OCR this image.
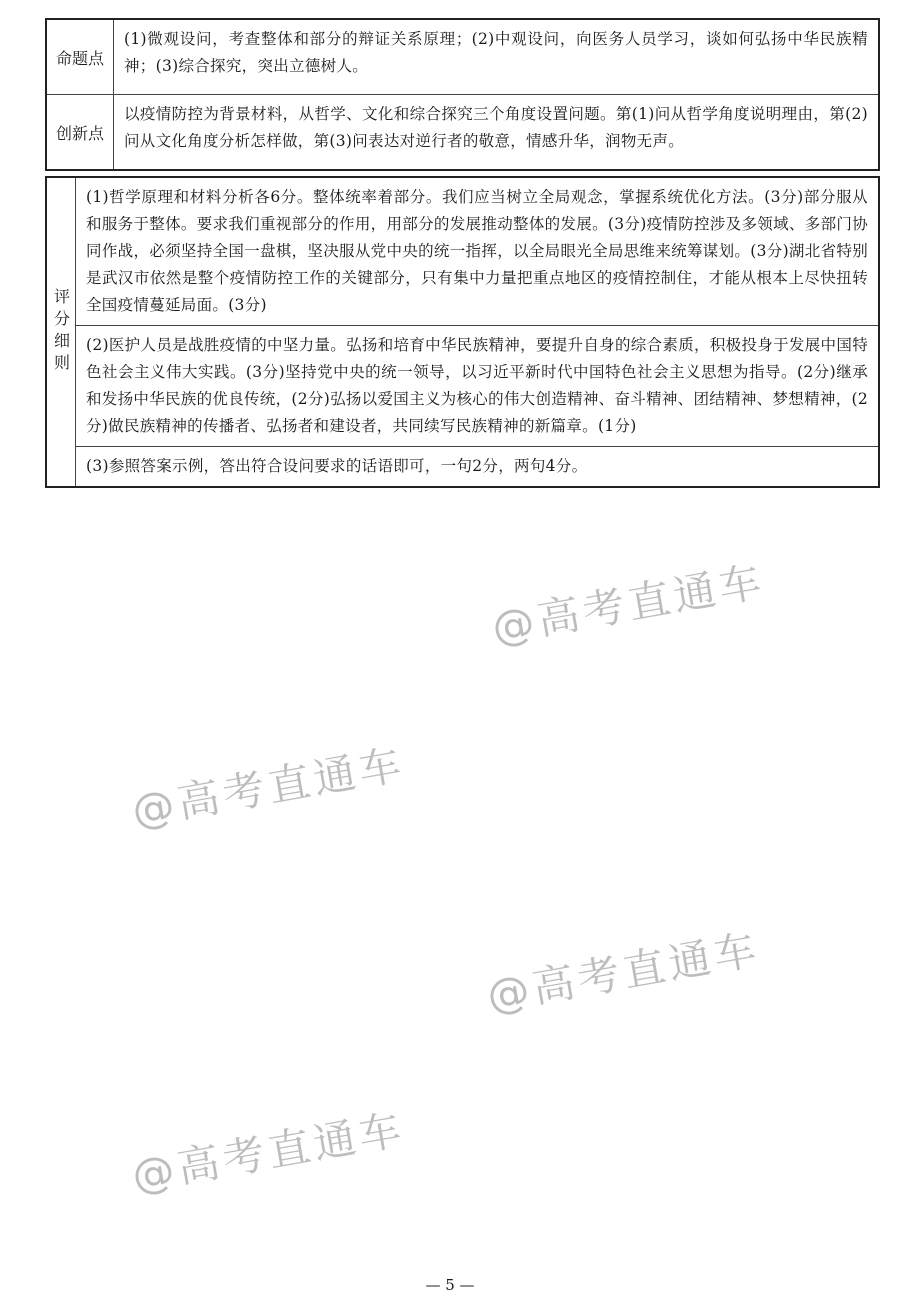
命题点
(1)微观设问，考查整体和部分的辩证关系原理；(2)中观设问，向医务人员学习，谈如何弘扬中华民族精神；(3)综合探究，突出立德树人。
创新点
以疫情防控为背景材料，从哲学、文化和综合探究三个角度设置问题。第(1)问从哲学角度说明理由，第(2)问从文化角度分析怎样做，第(3)问表达对逆行者的敬意，情感升华，润物无声。
评分细则
(1)哲学原理和材料分析各6分。整体统率着部分。我们应当树立全局观念，掌握系统优化方法。(3分)部分服从和服务于整体。要求我们重视部分的作用，用部分的发展推动整体的发展。(3分)疫情防控涉及多领域、多部门协同作战，必须坚持全国一盘棋，坚决服从党中央的统一指挥，以全局眼光全局思维来统筹谋划。(3分)湖北省特别是武汉市依然是整个疫情防控工作的关键部分，只有集中力量把重点地区的疫情控制住，才能从根本上尽快扭转全国疫情蔓延局面。(3分)
(2)医护人员是战胜疫情的中坚力量。弘扬和培育中华民族精神，要提升自身的综合素质，积极投身于发展中国特色社会主义伟大实践。(3分)坚持党中央的统一领导，以习近平新时代中国特色社会主义思想为指导。(2分)继承和发扬中华民族的优良传统，(2分)弘扬以爱国主义为核心的伟大创造精神、奋斗精神、团结精神、梦想精神，(2分)做民族精神的传播者、弘扬者和建设者，共同续写民族精神的新篇章。(1分)
(3)参照答案示例，答出符合设问要求的话语即可，一句2分，两句4分。
@高考直通车
@高考直通车
@高考直通车
@高考直通车
— 5 —
